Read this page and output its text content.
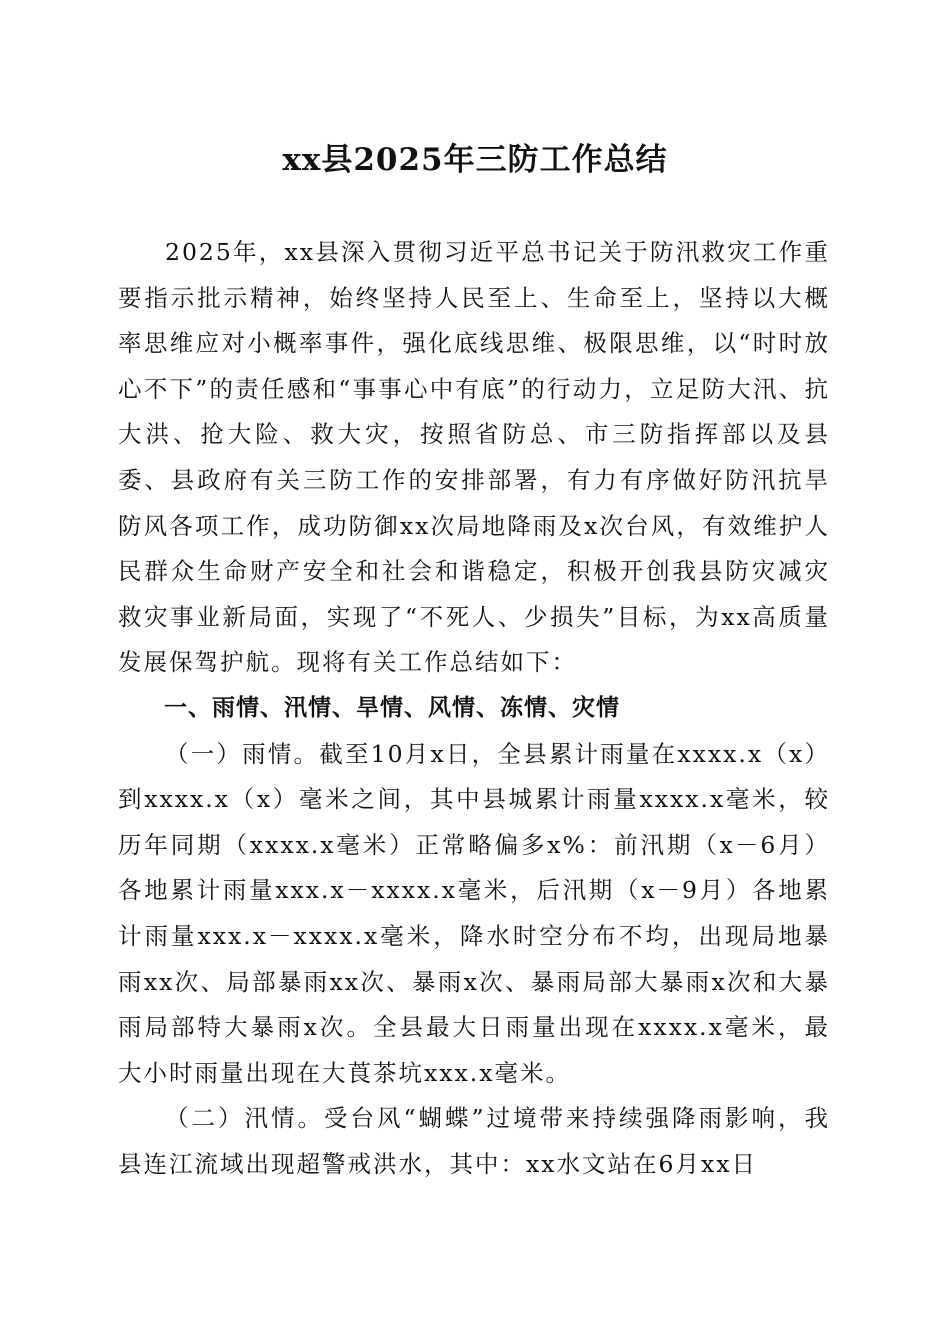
xx县2025年三防工作总结

2025年，xx县深入贯彻习近平总书记关于防汛救灾工作重要指示批示精神，始终坚持人民至上、生命至上，坚持以大概率思维应对小概率事件，强化底线思维、极限思维，以“时时放心不下”的责任感和“事事心中有底”的行动力，立足防大汛、抗大洪、抢大险、救大灾，按照省防总、市三防指挥部以及县委、县政府有关三防工作的安排部署，有力有序做好防汛抗旱防风各项工作，成功防御xx次局地降雨及x次台风，有效维护人民群众生命财产安全和社会和谐稳定，积极开创我县防灾减灾救灾事业新局面，实现了“不死人、少损失”目标，为xx高质量发展保驾护航。现将有关工作总结如下：

一、雨情、汛情、旱情、风情、冻情、灾情

（一）雨情。截至10月x日，全县累计雨量在xxxx.x（x）到xxxx.x（x）毫米之间，其中县城累计雨量xxxx.x毫米，较历年同期（xxxx.x毫米）正常略偏多x%：前汛期（x－6月）各地累计雨量xxx.x－xxxx.x毫米，后汛期（x－9月）各地累计雨量xxx.x－xxxx.x毫米，降水时空分布不均，出现局地暴雨xx次、局部暴雨xx次、暴雨x次、暴雨局部大暴雨x次和大暴雨局部特大暴雨x次。全县最大日雨量出现在xxxx.x毫米，最大小时雨量出现在大莨茶坑xxx.x毫米。

（二）汛情。受台风“蝴蝶”过境带来持续强降雨影响，我县连江流域出现超警戒洪水，其中：xx水文站在6月xx日
